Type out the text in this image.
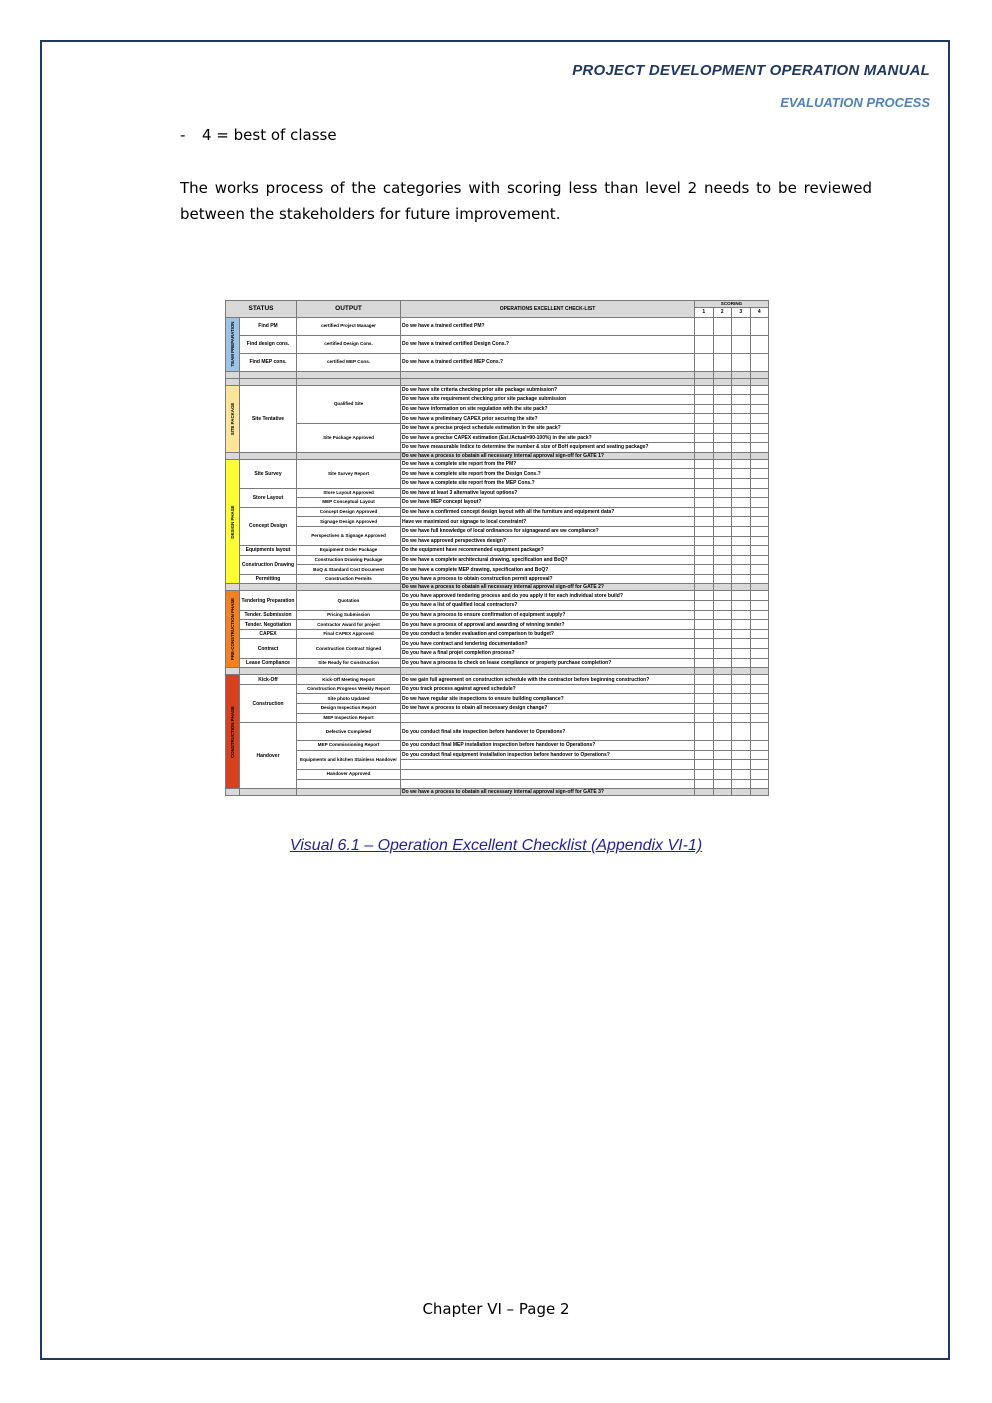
PROJECT DEVELOPMENT OPERATION MANUAL
EVALUATION PROCESS
- 4 = best of classe
The works process of the categories with scoring less than level 2 needs to be reviewed between the stakeholders for future improvement.
STATUS		OUTPUT	OPERATIONS EXCELLENT CHECK-LIST	SCORING			
				1	2	3	4

TEAM PREPARATION	Find PM	certified Project Manager	Do we have a trained certified PM?				
	Find design cons.	certified Design Cons.	Do we have a trained certified Design Cons.?				
	Find MEP cons.	certified MEP Cons.	Do we have a trained certified MEP Cons.?				

SITE PACKAGE	Site Tentative	Qualified Site	Do we have site criteria checking prior site package submission?				
			Do we have site requirement checking prior site package submission				
			Do we have information on site regulation with the site pack?				
			Do we have a preliminary CAPEX prior securing the site?				
		Site Package Approved	Do we have a precise project schedule estimation in the site pack?				
			Do we have a precise CAPEX estimation (Est./Actual=90-100%) in the site pack?				
			Do we have measurable Indice to determine the number & size of BoH equipment and seating package?				
			Do we have a process to obatain all necessary internal approval sign-off for GATE 1?				

DESIGN PHASE	Site Survey	Site Survey Report	Do we have a complete site report from the PM?				
			Do we have a complete site report from the Design Cons.?				
			Do we have a complete site report from the MEP Cons.?				
	Store Layout	Store Layout Approved	Do we have at least 3 alternative layout options?				
		MEP Conceptual Layout	Do we have MEP concept layout?				
	Concept Design	Concept Design Approved	Do we have a confirmed concept design layout with all the furniture and equipment data?				
		Signage Design Approved	Have we maximized our signage to local constraint?				
		Perspectives & Signage Approved	Do we have full knowledge of local ordinances for signageand are we compliance?				
			Do we have approved perspectives design?				
	Equipments layout	Equipment Order Package	Do the equipment have recommended equipment package?				
	Construction Drawing	Construction Drawing Package	Do we have a complete architectural drawing, specification and BoQ?				
		BoQ & Standard Cost Document	Do we have a complete MEP drawing, specification and BoQ?				
	Permitting	Construction Permits	Do you have a process to obtain construction permit approval?				
			Do we have a process to obatain all necessary internal approval sign-off for GATE 2?				

PRE-CONSTRUCTION PHASE	Tendering Preparation	Quotation	Do you have approved tendering process and do you apply it for each individual store build?				
			Do you have a list of qualified local contractors?				
	Tender. Submission	Pricing Submission	Do you have a process to ensure confirmation of equipment supply?				
	Tender. Negotiation	Contractor Award for project	Do you have a process of approval and awarding of winning tender?				
	CAPEX	Final CAPEX Approved	Do you conduct a tender evaluation and comparison to budget?				
	Contract	Construction Contract Signed	Do you have contract and tendering documentation?				
			Do you have a final projet completion process?				
	Lease Compliance	Site Ready for Construction	Do you have a process to check on lease compliance or property purchase completion?				

CONSTRUCTION PHASE	Kick-Off	Kick-Off Meeting Report	Do we gain full agreement on construction schedule with the contractor before beginning construction?				
	Construction	Construction Progress Weekly Report	Do you track process against agreed schedule?				
		Site photo Updated	Do we have regular site inspections to ensure building compliance?				
		Design Inspection Report	Do we have a process to obain all necessary design change?				
		MEP Inspection Report					
	Handover	Defective Completed	Do you conduct final site inspection before handover to Operations?				
		MEP Commissioning Report	Do you conduct final MEP installation inspection before handover to Operations?				
		Equipments and kitchen Stainless Handover	Do you conduct final equipment installation inspection before handover to Operations?				

		Handover Approved					

			Do we have a process to obatain all necessary internal approval sign-off for GATE 3?				
Visual 6.1 – Operation Excellent Checklist (Appendix VI-1)
Chapter VI – Page 2
